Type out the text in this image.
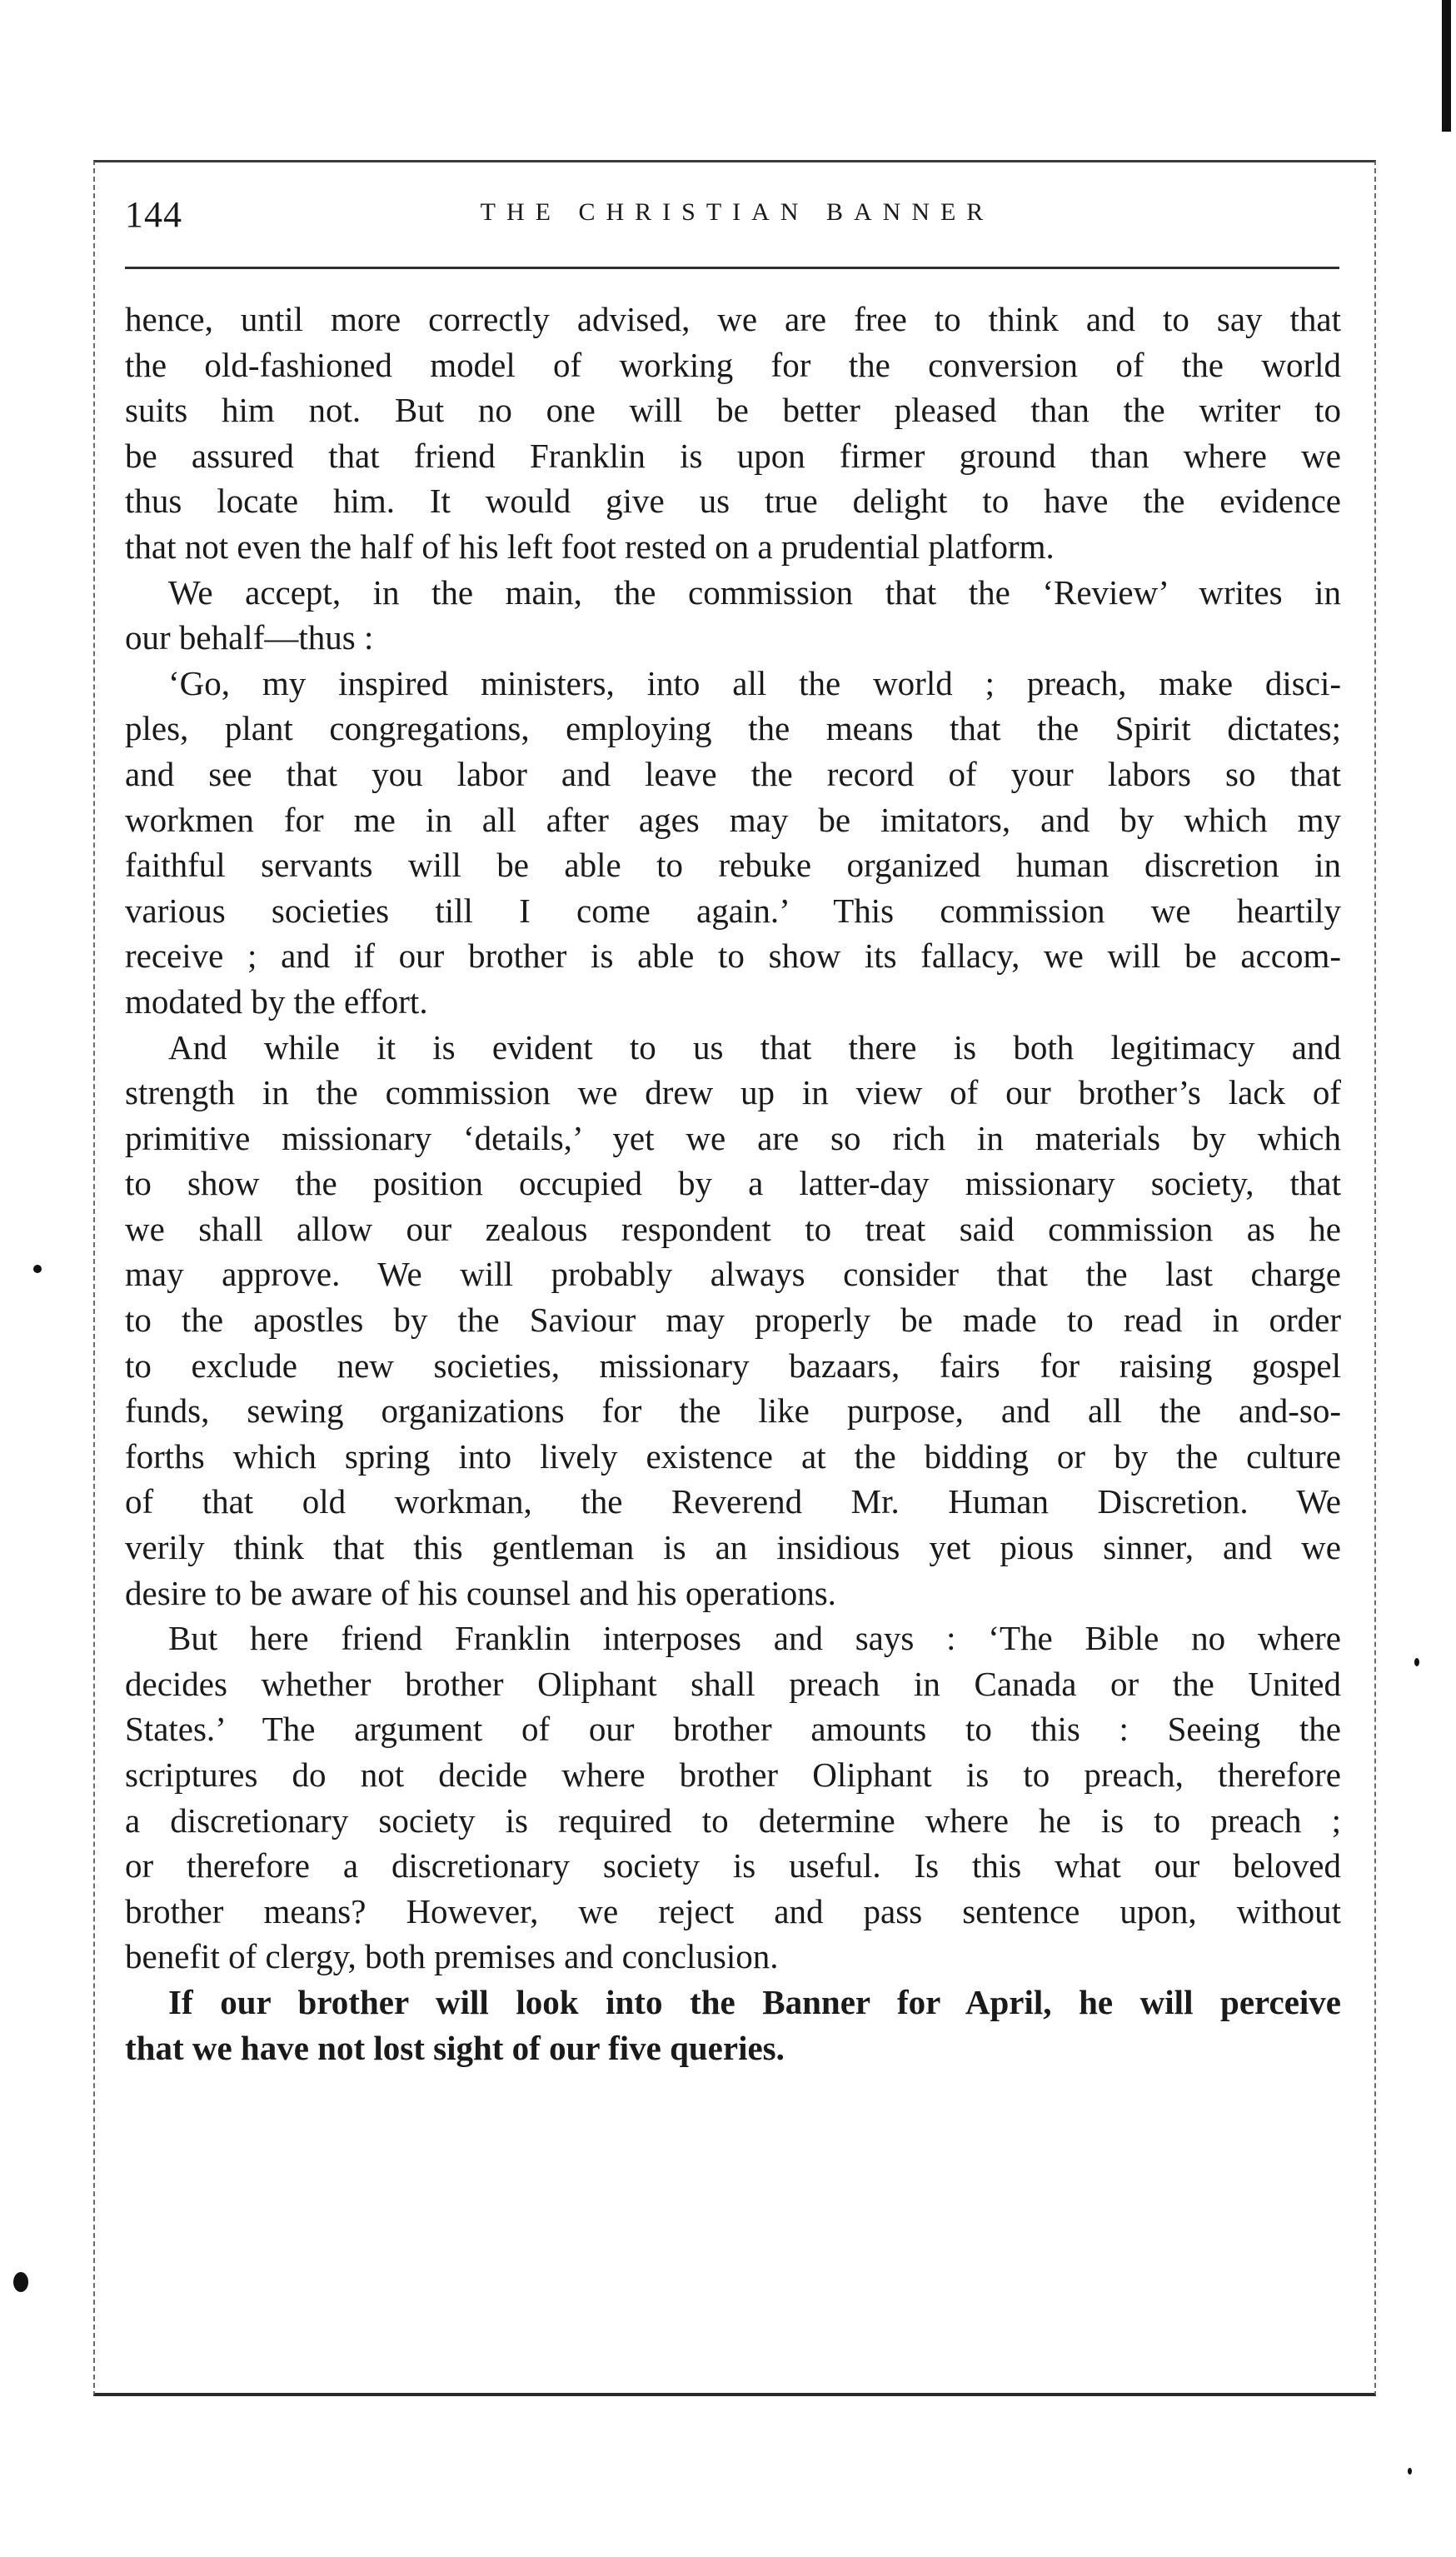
144	THE CHRISTIAN BANNER
hence, until more correctly advised, we are free to think and to say that
the old-fashioned model of working for the conversion of the world
suits him not. But no one will be better pleased than the writer to
be assured that friend Franklin is upon firmer ground than where we
thus locate him. It would give us true delight to have the evidence
that not even the half of his left foot rested on a prudential platform.
We accept, in the main, the commission that the ‘Review’ writes in
our behalf—thus :
‘Go, my inspired ministers, into all the world ; preach, make disci-
ples, plant congregations, employing the means that the Spirit dictates;
and see that you labor and leave the record of your labors so that
workmen for me in all after ages may be imitators, and by which my
faithful servants will be able to rebuke organized human discretion in
various societies till I come again.’ This commission we heartily
receive ; and if our brother is able to show its fallacy, we will be accom-
modated by the effort.
And while it is evident to us that there is both legitimacy and
strength in the commission we drew up in view of our brother’s lack of
primitive missionary ‘details,’ yet we are so rich in materials by which
to show the position occupied by a latter-day missionary society, that
we shall allow our zealous respondent to treat said commission as he
may approve. We will probably always consider that the last charge
to the apostles by the Saviour may properly be made to read in order
to exclude new societies, missionary bazaars, fairs for raising gospel
funds, sewing organizations for the like purpose, and all the and-so-
forths which spring into lively existence at the bidding or by the culture
of that old workman, the Reverend Mr. Human Discretion. We
verily think that this gentleman is an insidious yet pious sinner, and we
desire to be aware of his counsel and his operations.
But here friend Franklin interposes and says : ‘The Bible no where
decides whether brother Oliphant shall preach in Canada or the United
States.’ The argument of our brother amounts to this : Seeing the
scriptures do not decide where brother Oliphant is to preach, therefore
a discretionary society is required to determine where he is to preach ;
or therefore a discretionary society is useful. Is this what our beloved
brother means? However, we reject and pass sentence upon, without
benefit of clergy, both premises and conclusion.
If our brother will look into the Banner for April, he will perceive
that we have not lost sight of our five queries.
